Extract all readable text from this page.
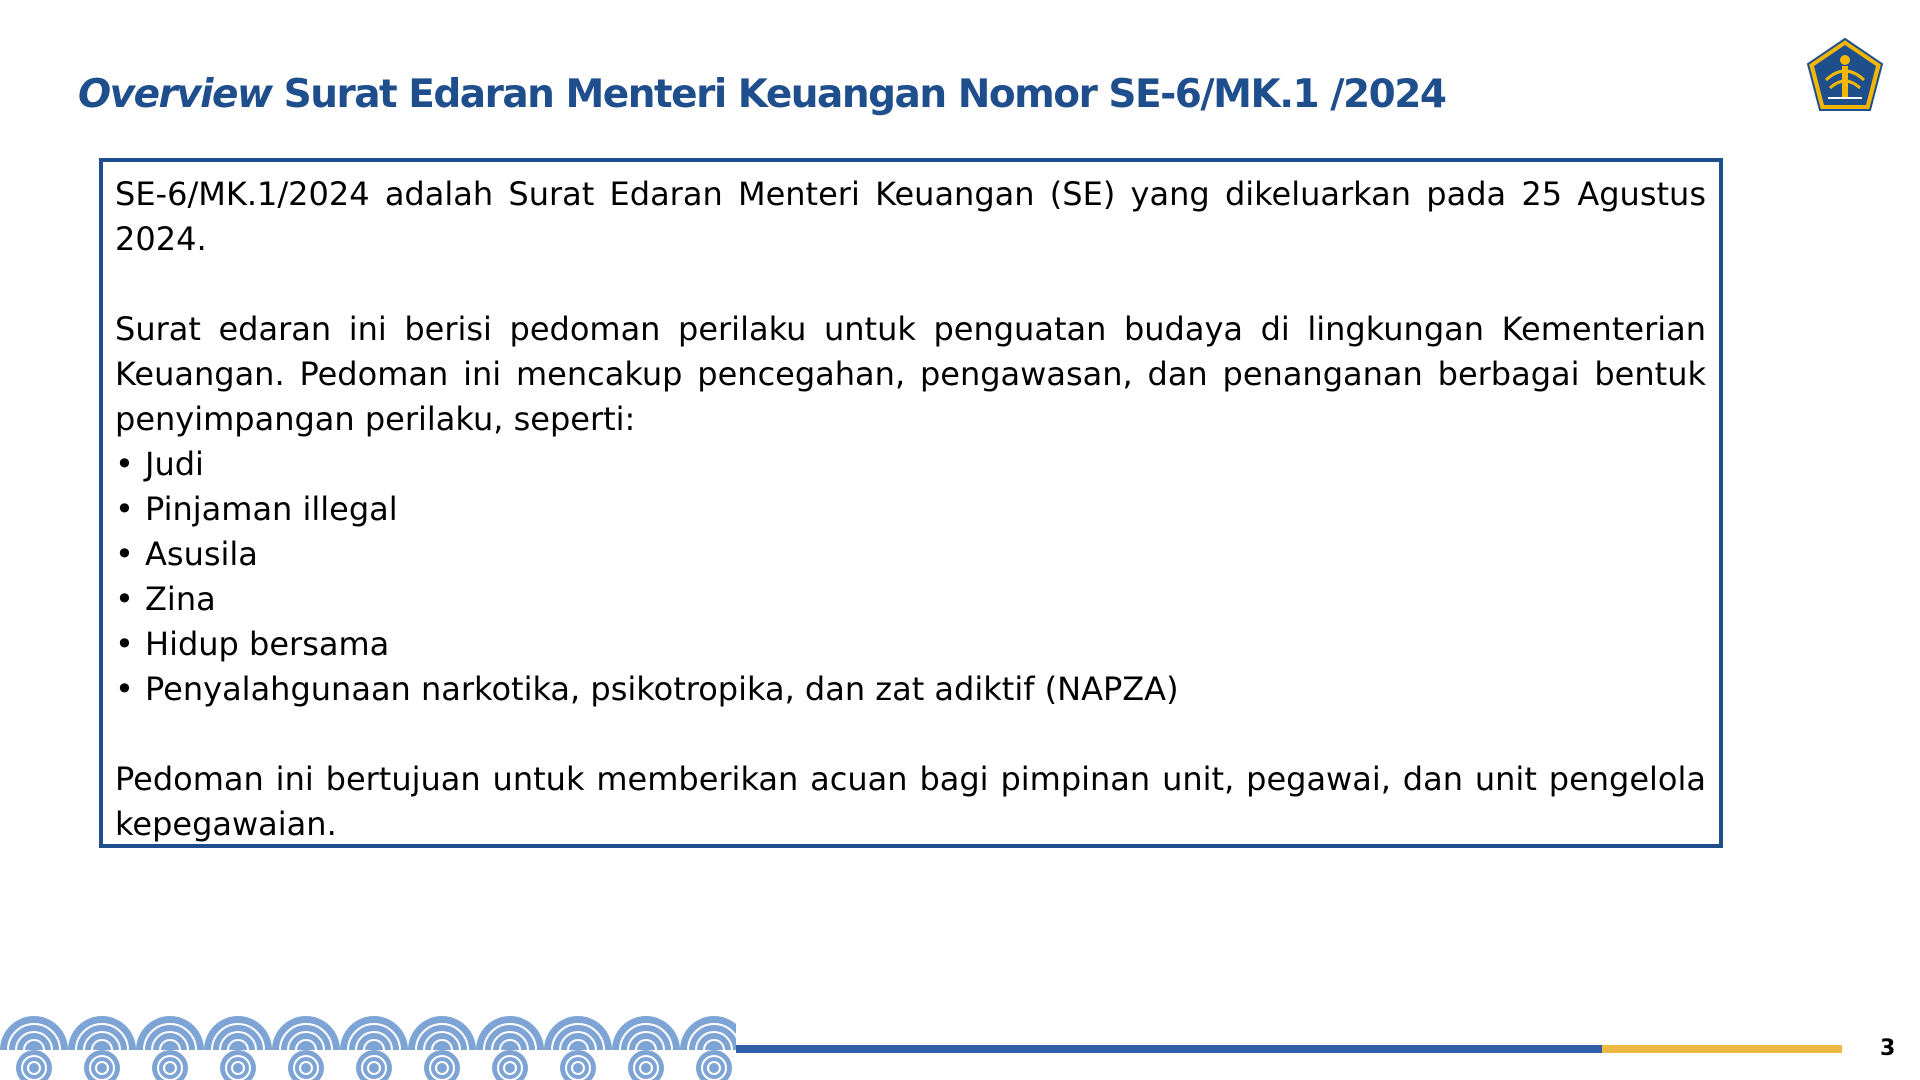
Overview Surat Edaran Menteri Keuangan Nomor SE-6/MK.1 /2024

SE-6/MK.1/2024 adalah Surat Edaran Menteri Keuangan (SE) yang dikeluarkan pada 25 Agustus 2024.

Surat edaran ini berisi pedoman perilaku untuk penguatan budaya di lingkungan Kementerian Keuangan. Pedoman ini mencakup pencegahan, pengawasan, dan penanganan berbagai bentuk penyimpangan perilaku, seperti:

• Judi
• Pinjaman illegal
• Asusila
• Zina
• Hidup bersama
• Penyalahgunaan narkotika, psikotropika, dan zat adiktif (NAPZA)

Pedoman ini bertujuan untuk memberikan acuan bagi pimpinan unit, pegawai, dan unit pengelola kepegawaian.

3
